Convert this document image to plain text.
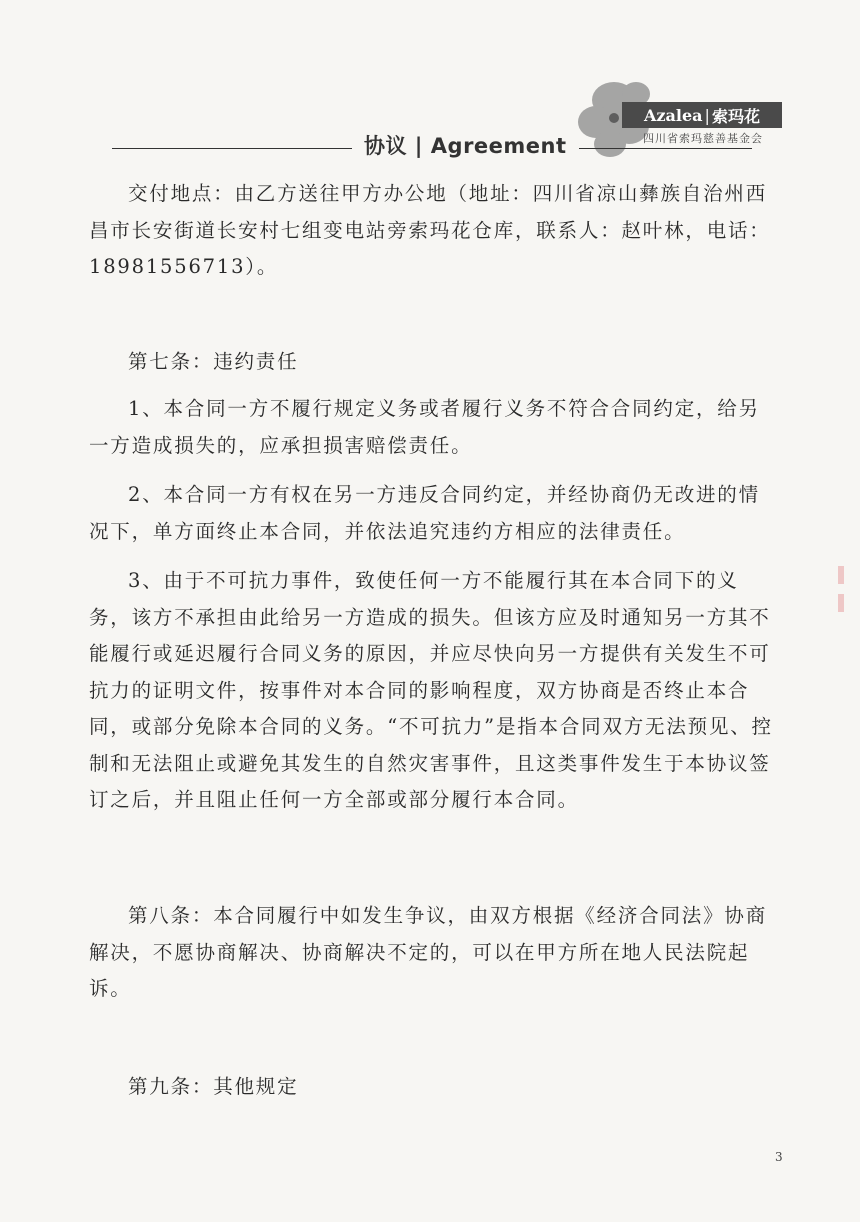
Azalea | 索玛花
四川省索玛慈善基金会
协议 | Agreement
交付地点：由乙方送往甲方办公地（地址：四川省凉山彝族自治州西昌市长安街道长安村七组变电站旁索玛花仓库，联系人：赵叶林，电话：18981556713）。
第七条：违约责任
1、本合同一方不履行规定义务或者履行义务不符合合同约定，给另一方造成损失的，应承担损害赔偿责任。
2、本合同一方有权在另一方违反合同约定，并经协商仍无改进的情况下，单方面终止本合同，并依法追究违约方相应的法律责任。
3、由于不可抗力事件，致使任何一方不能履行其在本合同下的义务，该方不承担由此给另一方造成的损失。但该方应及时通知另一方其不能履行或延迟履行合同义务的原因，并应尽快向另一方提供有关发生不可抗力的证明文件，按事件对本合同的影响程度，双方协商是否终止本合同，或部分免除本合同的义务。“不可抗力”是指本合同双方无法预见、控制和无法阻止或避免其发生的自然灾害事件，且这类事件发生于本协议签订之后，并且阻止任何一方全部或部分履行本合同。
第八条：本合同履行中如发生争议，由双方根据《经济合同法》协商解决，不愿协商解决、协商解决不定的，可以在甲方所在地人民法院起诉。
第九条：其他规定
3
